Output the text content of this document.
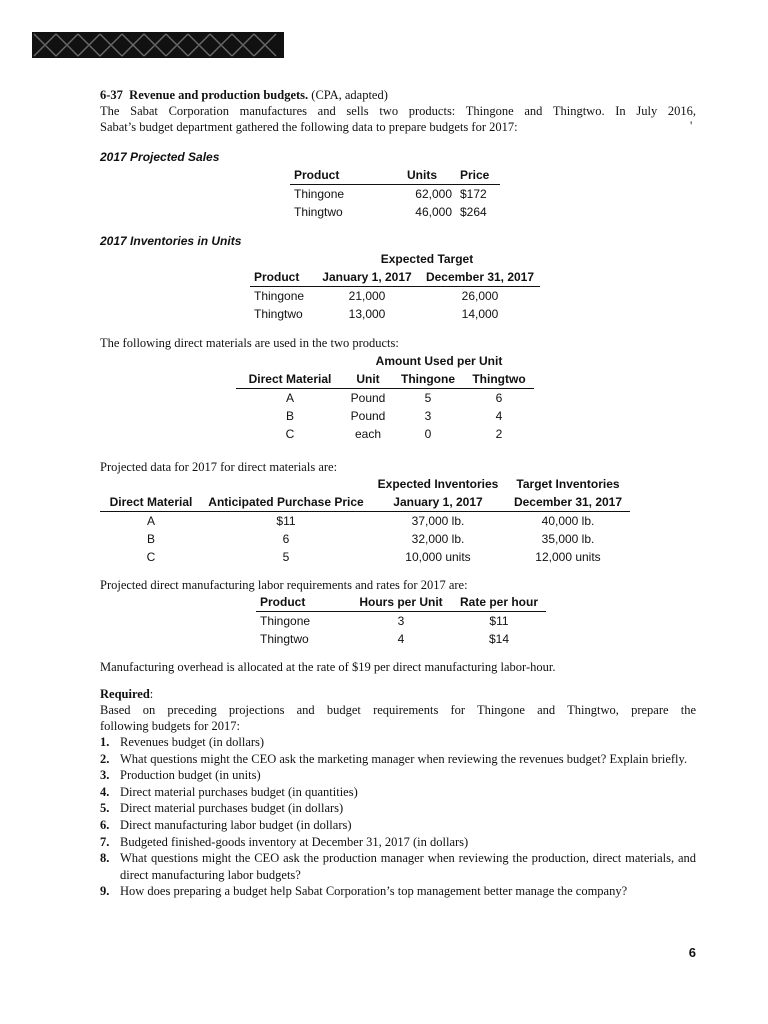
6-37 Revenue and production budgets. (CPA, adapted)
The Sabat Corporation manufactures and sells two products: Thingone and Thingtwo. In July 2016,
Sabat’s budget department gathered the following data to prepare budgets for 2017:	'
2017 Projected Sales
Product	Units	Price
Thingone	62,000	$172
Thingtwo	46,000	$264
2017 Inventories in Units
	Expected Target	
Product	January 1, 2017	December 31, 2017
Thingone	21,000	26,000
Thingtwo	13,000	14,000
The following direct materials are used in the two products:
	Amount Used per Unit		
Direct Material	Unit	Thingone	Thingtwo
A	Pound	5	6
B	Pound	3	4
C	each	0	2
Projected data for 2017 for direct materials are:
		Expected Inventories	Target Inventories
Direct Material	Anticipated Purchase Price	January 1, 2017	December 31, 2017
A	$11	37,000 lb.	40,000 lb.
B	6	32,000 lb.	35,000 lb.
C	5	10,000 units	12,000 units
Projected direct manufacturing labor requirements and rates for 2017 are:
Product	Hours per Unit	Rate per hour
Thingone	3	$11
Thingtwo	4	$14
Manufacturing overhead is allocated at the rate of $19 per direct manufacturing labor-hour.
Required:
Based on preceding projections and budget requirements for Thingone and Thingtwo, prepare the
following budgets for 2017:
1. Revenues budget (in dollars)
2. What questions might the CEO ask the marketing manager when reviewing the revenues budget? Explain briefly.
3. Production budget (in units)
4. Direct material purchases budget (in quantities)
5. Direct material purchases budget (in dollars)
6. Direct manufacturing labor budget (in dollars)
7. Budgeted finished-goods inventory at December 31, 2017 (in dollars)
8. What questions might the CEO ask the production manager when reviewing the production, direct materials, and direct manufacturing labor budgets?
9. How does preparing a budget help Sabat Corporation’s top management better manage the company?
6
